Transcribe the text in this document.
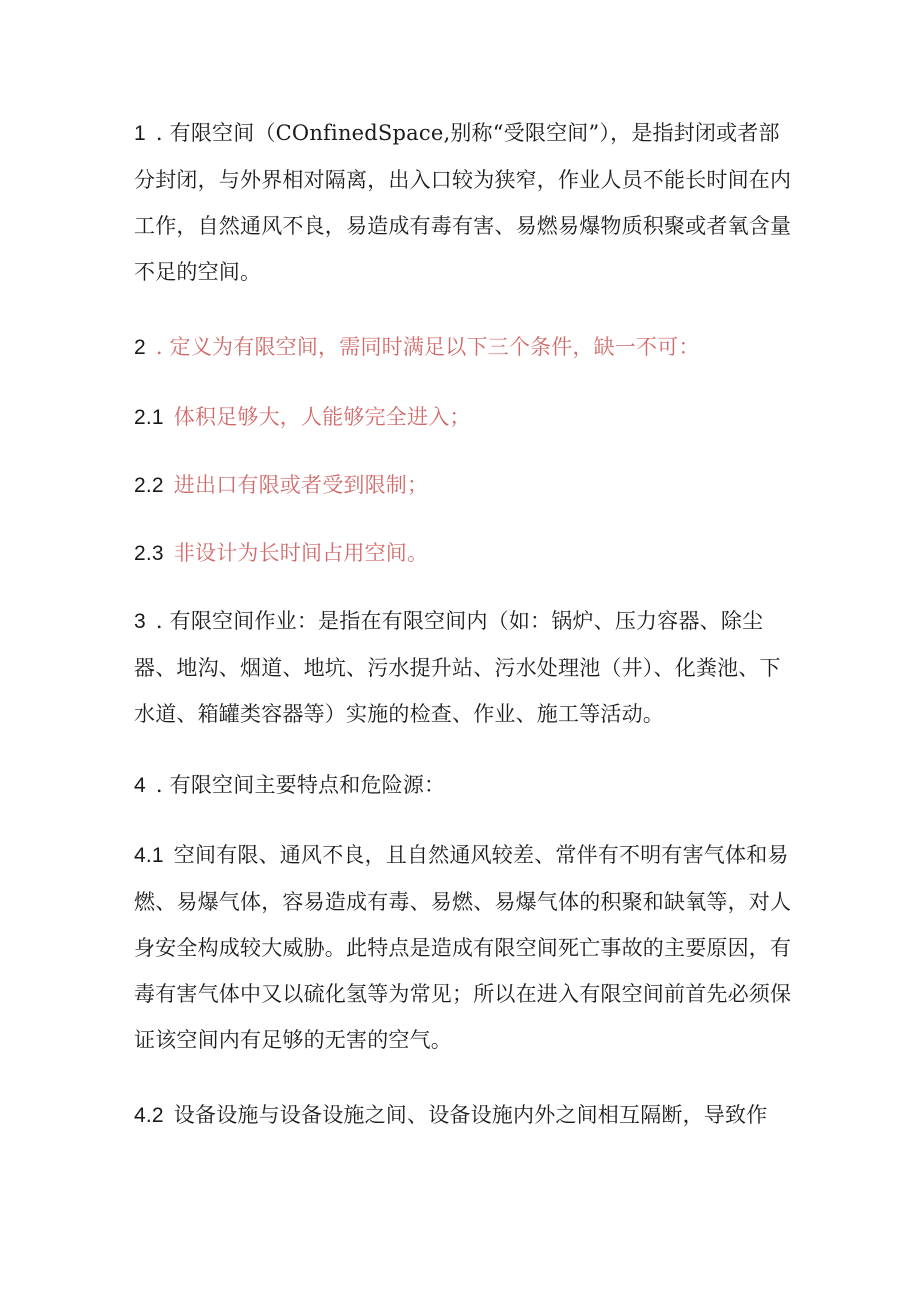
1 . 有限空间（COnfinedSpace,别称“受限空间”），是指封闭或者部分封闭，与外界相对隔离，出入口较为狭窄，作业人员不能长时间在内工作，自然通风不良，易造成有毒有害、易燃易爆物质积聚或者氧含量不足的空间。
2 . 定义为有限空间，需同时满足以下三个条件，缺一不可：
2.1 体积足够大，人能够完全进入；
2.2 进出口有限或者受到限制；
2.3 非设计为长时间占用空间。
3 . 有限空间作业：是指在有限空间内（如：锅炉、压力容器、除尘器、地沟、烟道、地坑、污水提升站、污水处理池（井）、化粪池、下水道、箱罐类容器等）实施的检查、作业、施工等活动。
4 . 有限空间主要特点和危险源：
4.1 空间有限、通风不良，且自然通风较差、常伴有不明有害气体和易燃、易爆气体，容易造成有毒、易燃、易爆气体的积聚和缺氧等，对人身安全构成较大威胁。此特点是造成有限空间死亡事故的主要原因，有毒有害气体中又以硫化氢等为常见；所以在进入有限空间前首先必须保证该空间内有足够的无害的空气。
4.2 设备设施与设备设施之间、设备设施内外之间相互隔断，导致作
